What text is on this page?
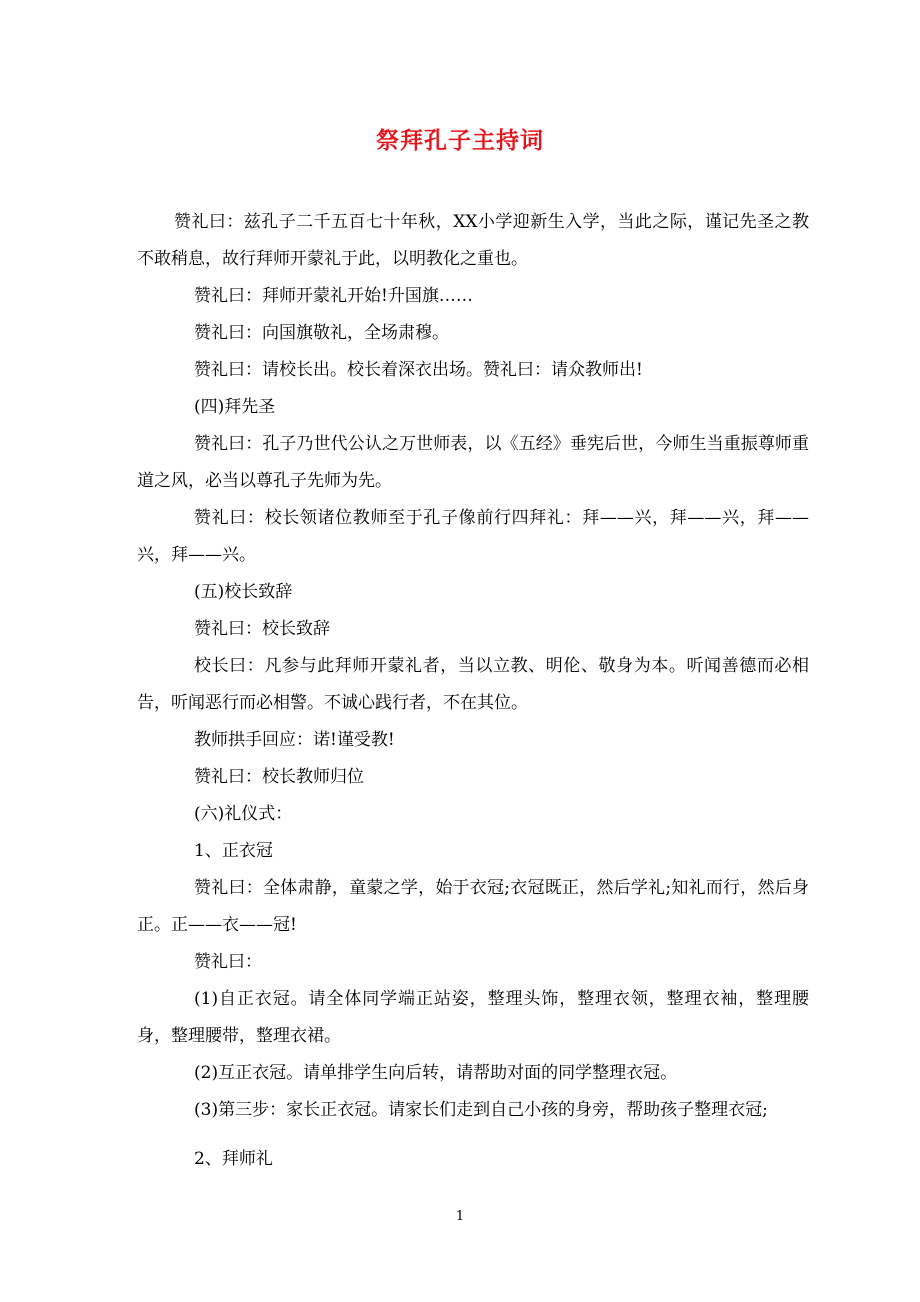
祭拜孔子主持词

赞礼曰：兹孔子二千五百七十年秋，XX小学迎新生入学，当此之际，谨记先圣之教不敢稍息，故行拜师开蒙礼于此，以明教化之重也。

赞礼曰：拜师开蒙礼开始!升国旗……

赞礼曰：向国旗敬礼，全场肃穆。

赞礼曰：请校长出。校长着深衣出场。赞礼曰：请众教师出!

(四)拜先圣

赞礼曰：孔子乃世代公认之万世师表，以《五经》垂宪后世，今师生当重振尊师重道之风，必当以尊孔子先师为先。

赞礼曰：校长领诸位教师至于孔子像前行四拜礼：拜——兴，拜——兴，拜——兴，拜——兴。

(五)校长致辞

赞礼曰：校长致辞

校长曰：凡参与此拜师开蒙礼者，当以立教、明伦、敬身为本。听闻善德而必相告，听闻恶行而必相警。不诚心践行者，不在其位。

教师拱手回应：诺!谨受教!

赞礼曰：校长教师归位

(六)礼仪式：

1、正衣冠

赞礼曰：全体肃静，童蒙之学，始于衣冠;衣冠既正，然后学礼;知礼而行，然后身正。正——衣——冠!

赞礼曰：

(1)自正衣冠。请全体同学端正站姿，整理头饰，整理衣领，整理衣袖，整理腰身，整理腰带，整理衣裙。

(2)互正衣冠。请单排学生向后转，请帮助对面的同学整理衣冠。

(3)第三步：家长正衣冠。请家长们走到自己小孩的身旁，帮助孩子整理衣冠;

2、拜师礼

1
